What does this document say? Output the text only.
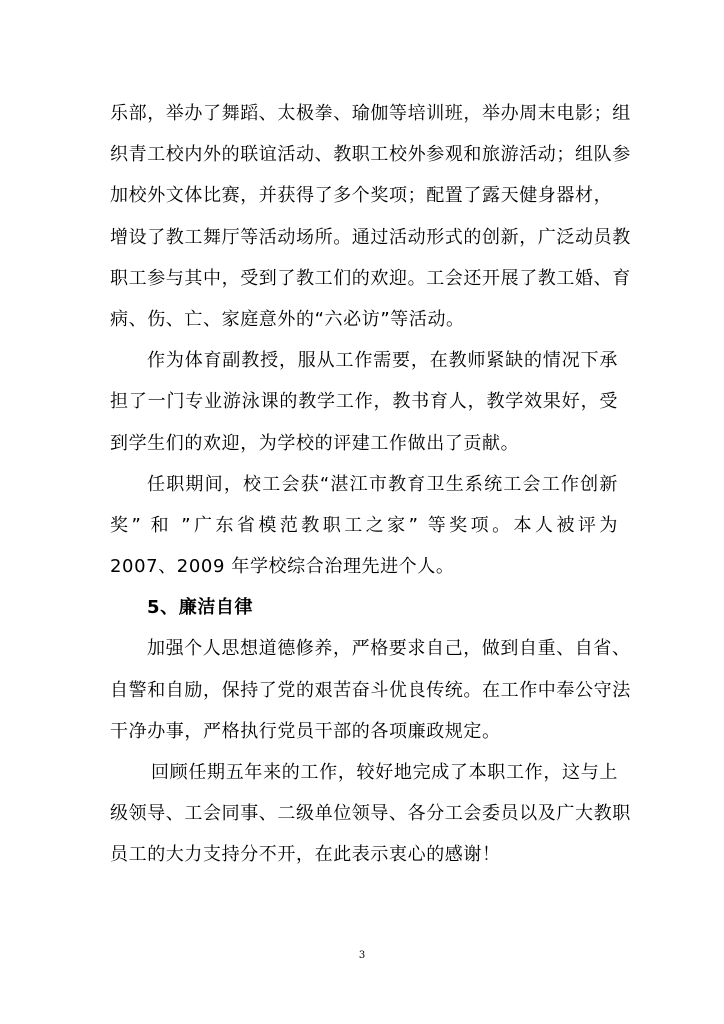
乐部，举办了舞蹈、太极拳、瑜伽等培训班，举办周末电影；组
织青工校内外的联谊活动、教职工校外参观和旅游活动；组队参
加校外文体比赛，并获得了多个奖项；配置了露天健身器材，
增设了教工舞厅等活动场所。通过活动形式的创新，广泛动员教
职工参与其中，受到了教工们的欢迎。工会还开展了教工婚、育
病、伤、亡、家庭意外的“六必访”等活动。
作为体育副教授，服从工作需要，在教师紧缺的情况下承
担了一门专业游泳课的教学工作，教书育人，教学效果好，受
到学生们的欢迎，为学校的评建工作做出了贡献。
任职期间，校工会获“湛江市教育卫生系统工会工作创新
奖” 和 ”广东省模范教职工之家” 等奖项。本人被评为
2007、2009 年学校综合治理先进个人。
5、廉洁自律
加强个人思想道德修养，严格要求自己，做到自重、自省、
自警和自励，保持了党的艰苦奋斗优良传统。在工作中奉公守法
干净办事，严格执行党员干部的各项廉政规定。
回顾任期五年来的工作，较好地完成了本职工作，这与上
级领导、工会同事、二级单位领导、各分工会委员以及广大教职
员工的大力支持分不开，在此表示衷心的感谢！
3
